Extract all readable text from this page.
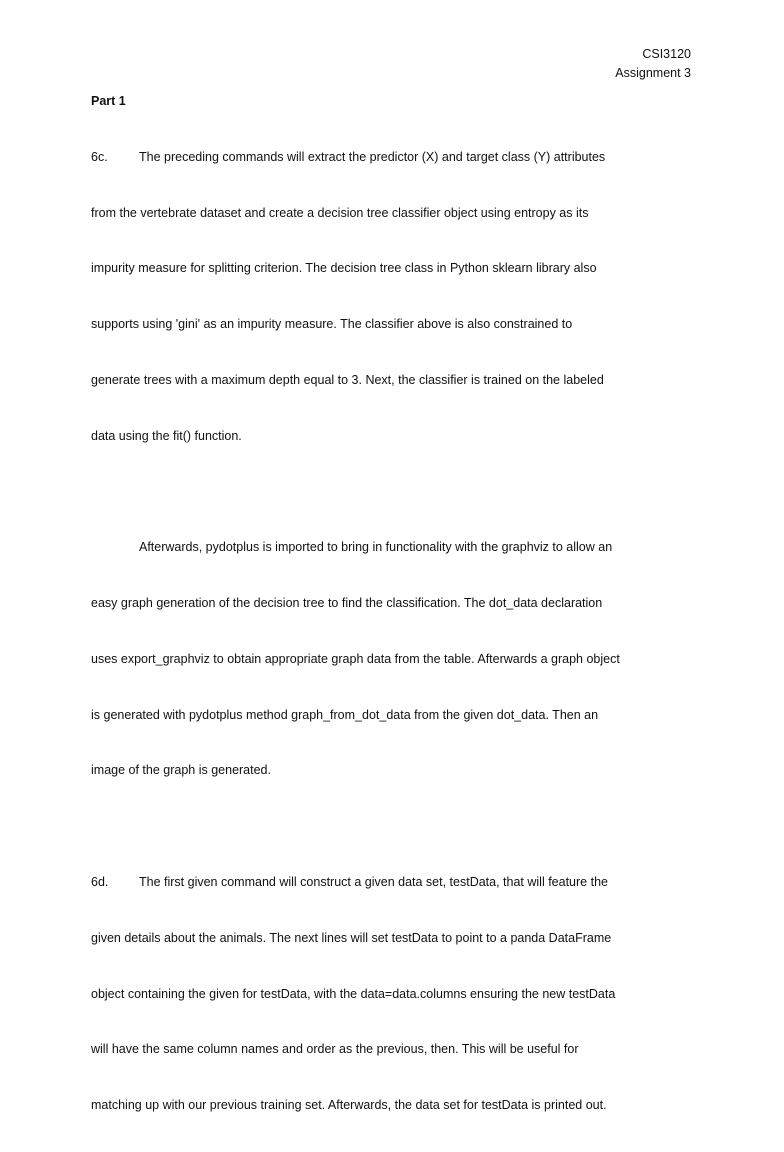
CSI3120
Assignment 3

Part 1

6c.	The preceding commands will extract the predictor (X) and target class (Y) attributes

from the vertebrate dataset and create a decision tree classifier object using entropy as its

impurity measure for splitting criterion. The decision tree class in Python sklearn library also

supports using 'gini' as an impurity measure. The classifier above is also constrained to

generate trees with a maximum depth equal to 3. Next, the classifier is trained on the labeled

data using the fit() function.

Afterwards, pydotplus is imported to bring in functionality with the graphviz to allow an

easy graph generation of the decision tree to find the classification. The dot_data declaration

uses export_graphviz to obtain appropriate graph data from the table. Afterwards a graph object

is generated with pydotplus method graph_from_dot_data from the given dot_data. Then an

image of the graph is generated.

6d. The first given command will construct a given data set, testData, that will feature the

given details about the animals. The next lines will set testData to point to a panda DataFrame

object containing the given for testData, with the data=data.columns ensuring the new testData

will have the same column names and order as the previous, then. This will be useful for

matching up with our previous training set. Afterwards, the data set for testData is printed out.
